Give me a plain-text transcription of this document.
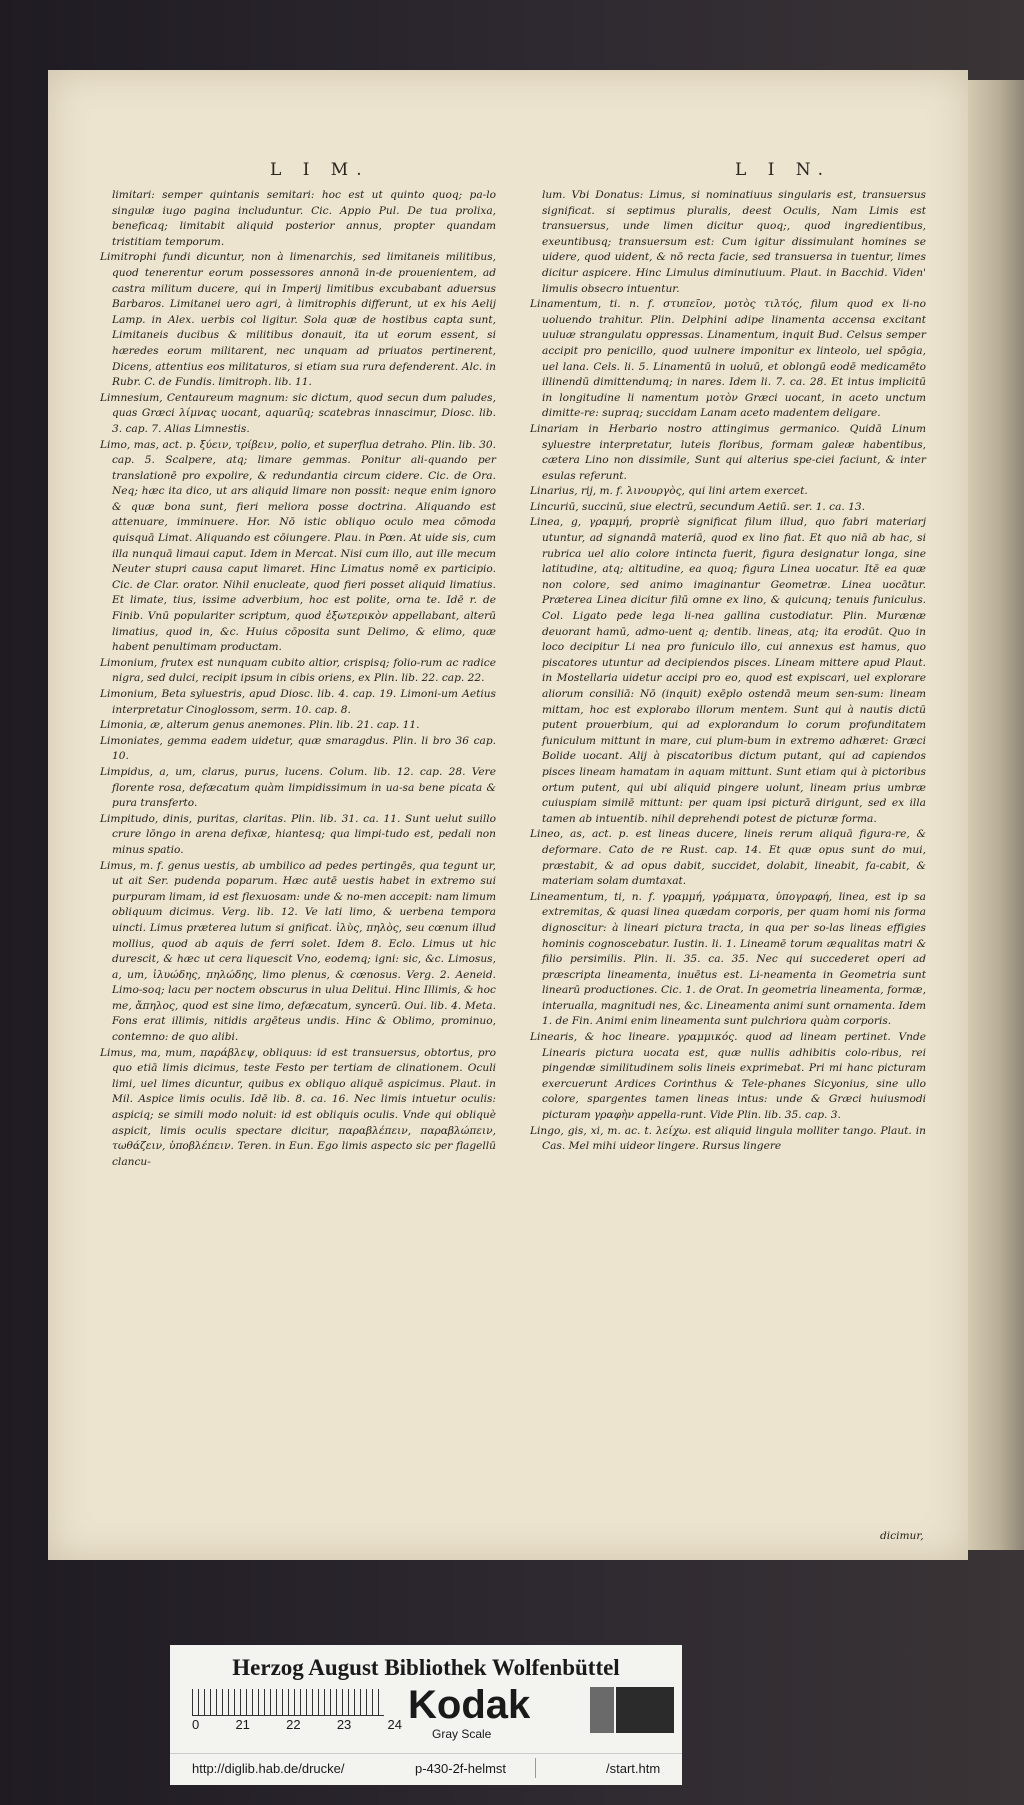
L I M.	L I N.

limitari: semper quintanis semitari: hoc est ut quinto quoq; pa-lo singulæ iugo pagina includuntur. Cic. Appio Pul. De tua prolixa, beneficaq; limitabit aliquid posterior annus, propter quandam tristitiam temporum.

Limitrophi fundi dicuntur, non à limenarchis, sed limitaneis militibus, quod tenerentur eorum possessores annonā in-de prouenientem, ad castra militum ducere, qui in Imperij limitibus excubabant aduersus Barbaros. Limitanei uero agri, à limitrophis differunt, ut ex his Aelij Lamp. in Alex. uerbis col ligitur. Sola quæ de hostibus capta sunt, Limitaneis ducibus & militibus donauit, ita ut eorum essent, si hæredes eorum militarent, nec unquam ad priuatos pertinerent, Dicens, attentius eos militaturos, si etiam sua rura defenderent. Alc. in Rubr. C. de Fundis. limitroph. lib. 11.

Limnesium, Centaureum magnum: sic dictum, quod secun dum paludes, quas Græci λίμνας uocant, aquarūq; scatebras innasciтur, Diosc. lib. 3. cap. 7. Alias Limnestis.

Limo, mas, act. p. ξύειν, τρίβειν, polio, et superflua detraho. Plin. lib. 30. cap. 5. Scalpere, atq; limare gemmas. Ponitur ali-quando per translationē pro expolire, & redundantia circum cidere. Cic. de Ora. Neq; hæc ita dico, ut ars aliquid limare non possit: neque enim ignoro & quæ bona sunt, fieri meliora posse doctrina. Aliquando est attenuare, imminuere. Hor. Nō istic obliquo oculo mea cōmoda quisquā Limat. Aliquando est cōiungere. Plau. in Pœn. At uide sis, cum illa nunquā limaui caput. Idem in Mercat. Nisi cum illo, aut ille mecum Neuter stupri causa caput limaret. Hinc Limatus nomē ex participio. Cic. de Clar. orator. Nihil enucleate, quod fieri posset aliquid limatius. Et limate, tius, issime adverbium, hoc est polite, orna te. Idē r. de Finib. Vnū populariter scriptum, quod ἐξωτερικὸν appellabant, alterū limatius, quod in, &c. Huius cōposita sunt Delimo, & elimo, quæ habent penultimam productam.

Limonium, frutex est nunquam cubito altior, crispisq; folio-rum ac radice nigra, sed dulci, recipit ipsum in cibis oriens, ex Plin. lib. 22. cap. 22.

Limonium, Beta syluestris, apud Diosc. lib. 4. cap. 19. Limoni-um Aetius interpretatur Cinoglossom, serm. 10. cap. 8.

Limonia, æ, alterum genus anemones. Plin. lib. 21. cap. 11.

Limoniates, gemma eadem uidetur, quæ smaragdus. Plin. li bro 36 cap. 10.

Limpidus, a, um, clarus, purus, lucens. Colum. lib. 12. cap. 28. Vere florente rosa, defæcatum quàm limpidissimum in ua-sa bene picata & pura transferto.

Limpitudo, dinis, puritas, claritas. Plin. lib. 31. ca. 11. Sunt uelut suillo crure lōngo in arena defixæ, hiantesq; qua limpi-tudo est, pedali non minus spatio.

Limus, m. f. genus uestis, ab umbilico ad pedes pertingēs, qua tegunt ur, ut ait Ser. pudenda poparum. Hæc autē uestis habet in extremo sui purpuram limam, id est flexuosam: unde & no-men accepit: nam limum obliquum dicimus. Verg. lib. 12. Ve lati limo, & uerbena tempora uincti. Limus præterea lutum si gnificat. ἰλὺς, πηλὸς, seu cœnum illud mollius, quod ab aquis de ferri solet. Idem 8. Eclo. Limus ut hic durescit, & hæc ut cera liquescit Vno, eodemq; igni: sic, &c. Limosus, a, um, ἰλυώδης, πηλώδης, limo plenus, & cœnosus. Verg. 2. Aeneid. Limo-soq; lacu per noctem obscurus in ulua Delitui. Hinc Illimis, & hoc me, ἄπηλος, quod est sine limo, defæcatum, syncerū. Oui. lib. 4. Meta. Fons erat illimis, nitidis argēteus undis. Hinc & Oblimo, prominuo, contemno: de quo alibi.

Limus, ma, mum, παράβλεψ, obliquus: id est transuersus, obtortus, pro quo etiā limis dicimus, teste Festo per tertiam de clinationem. Oculi limi, uel limes dicuntur, quibus ex obliquo aliquē aspicimus. Plaut. in Mil. Aspice limis oculis. Idē lib. 8. ca. 16. Nec limis intuetur oculis: aspiciq; se simili modo noluit: id est obliquis oculis. Vnde qui obliquè aspicit, limis oculis spectare dicitur, παραβλέπειν, παραβλώπειν, τωθάζειν, ὑποβλέπειν. Teren. in Eun. Ego limis aspecto sic per flagellū clancu-

lum. Vbi Donatus: Limus, si nominatiuus singularis est, transuersus significat. si septimus pluralis, deest Oculis, Nam Limis est transuersus, unde limen dicitur quoq;, quod ingredientibus, exeuntibusq; transuersum est: Cum igitur dissimulant homines se uidere, quod uident, & nō recta facie, sed transuersa in tuentur, limes dicitur aspicere. Hinc Limulus diminutiuum. Plaut. in Bacchid. Viden' limulis obsecro intuentur.

Linamentum, ti. n. f. στυπεῖον, μοτὸς τιλτός, filum quod ex li-no uoluendo trahitur. Plin. Delphini adipe linamenta accensa excitant uuluæ strangulatu oppressas. Linamentum, inquit Bud. Celsus semper accipit pro penicillo, quod uulnere imponitur ex linteolo, uel spōgia, uel lana. Cels. li. 5. Linamentū in uoluū, et oblongū eodē medicamēto illinendū dimittendumq; in nares. Idem li. 7. ca. 28. Et intus implicitū in longitudine li namentum μοτὸν Græci uocant, in aceto unctum dimitte-re: supraq; succidam Lanam aceto madentem deligare.

Linariam in Herbario nostro attingimus germanico. Quidā Linum syluestre interpretatur, luteis floribus, formam galeæ habentibus, cætera Lino non dissimile, Sunt qui alterius spe-ciei faciunt, & inter esulas referunt.

Linarius, rij, m. f. λινουργὸς, qui lini artem exercet.

Lincuriū, succinū, siue electrū, secundum Aetiū. ser. 1. ca. 13.

Linea, g, γραμμή, propriè significat filum illud, quo fabri materiarj utuntur, ad signandā materiā, quod ex lino fiat. Et quo niā ab hac, si rubrica uel alio colore intincta fuerit, figura designatur longa, sine latitudine, atq; altitudine, ea quoq; figura Linea uocatur. Itē ea quæ non colore, sed animo imaginantur Geometræ. Linea uocātur. Præterea Linea dicitur filū omne ex lino, & quicunq; tenuis funiculus. Col. Ligato pede lega li-nea gallina custodiatur. Plin. Murænæ deuorant hamū, admo-uent q; dentib. lineas, atq; ita erodūt. Quo in loco decipitur Li nea pro funiculo illo, cui annexus est hamus, quo piscatores utuntur ad decipiendos pisces. Lineam mittere apud Plaut. in Mostellaria uidetur accipi pro eo, quod est expiscari, uel explorare aliorum consiliā: Nō (inquit) exēplo ostendā meum sen-sum: lineam mittam, hoc est explorabo illorum mentem. Sunt qui à nautis dictū putent prouerbium, qui ad explorandum lo corum profunditatem funiculum mittunt in mare, cui plum-bum in extremo adhæret: Græci Bolide uocant. Alij à piscatoribus dictum putant, qui ad capiendos pisces lineam hamatam in aquam mittunt. Sunt etiam qui à pictoribus ortum putent, qui ubi aliquid pingere uolunt, lineam prius umbræ cuiuspiam similē mittunt: per quam ipsi picturā dirigunt, sed ex illa tamen ab intuentib. nihil deprehendi potest de picturæ forma.

Lineo, as, act. p. est lineas ducere, lineis rerum aliquā figura-re, & deformare. Cato de re Rust. cap. 14. Et quæ opus sunt do mui, præstabit, & ad opus dabit, succidet, dolabit, lineabit, fa-cabit, & materiam solam dumtaxat.

Lineamentum, ti, n. f. γραμμή, γράμματα, ὑπογραφή, linea, est ip sa extremitas, & quasi linea quædam corporis, per quam homi nis forma dignoscitur: à lineari pictura tracta, in qua per so-las lineas effigies hominis cognoscebatur. Iustin. li. 1. Lineamē torum æqualitas matri & filio persimilis. Plin. li. 35. ca. 35. Nec qui succederet operi ad præscripta lineamenta, inuētus est. Li-neamenta in Geometria sunt linearū productiones. Cic. 1. de Orat. In geometria lineamenta, formæ, interualla, magnitudi nes, &c. Lineamenta animi sunt ornamenta. Idem 1. de Fin. Animi enim lineamenta sunt pulchriora quàm corporis.

Linearis, & hoc lineare. γραμμικός. quod ad lineam pertinet. Vnde Linearis pictura uocata est, quæ nullis adhibitis colo-ribus, rei pingendæ similitudinem solis lineis exprimebat. Pri mi hanc picturam exercuerunt Ardices Corinthus & Tele-phanes Sicyonius, sine ullo colore, spargentes tamen lineas intus: unde & Græci huiusmodi picturam γραφὴν appella-runt. Vide Plin. lib. 35. cap. 3.

Lingo, gis, xi, m. ac. t. λείχω. est aliquid lingula molliter tango. Plaut. in Cas. Mel mihi uideor lingere. Rursus lingere

dicimur,
Herzog August Bibliothek Wolfenbüttel
0	21	22	23	24 Kodak
Gray Scale
http://diglib.hab.de/drucke/	p-430-2f-helmst	/start.htm
